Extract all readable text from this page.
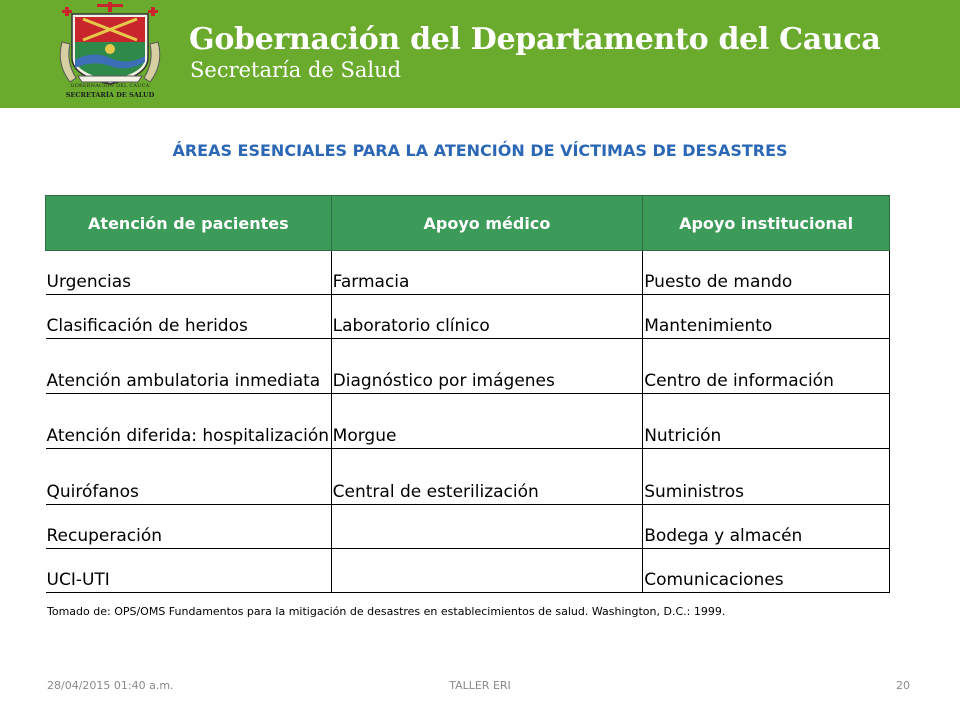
GOBERNACIÓN DEL CAUCA
SECRETARÍA DE SALUD
Gobernación del Departamento del Cauca
Secretaría de Salud
ÁREAS ESENCIALES PARA LA ATENCIÓN DE VÍCTIMAS DE DESASTRES
Atención de pacientes	Apoyo médico	Apoyo institucional
Urgencias	Farmacia	Puesto de mando
Clasificación de heridos	Laboratorio clínico	Mantenimiento
Atención ambulatoria inmediata	Diagnóstico por imágenes	Centro de información
Atención diferida: hospitalización	Morgue	Nutrición
Quirófanos	Central de esterilización	Suministros
Recuperación		Bodega y almacén
UCI-UTI		Comunicaciones
Tomado de: OPS/OMS Fundamentos para la mitigación de desastres en establecimientos de salud. Washington, D.C.: 1999.
28/04/2015 01:40 a.m.	TALLER ERI	20
